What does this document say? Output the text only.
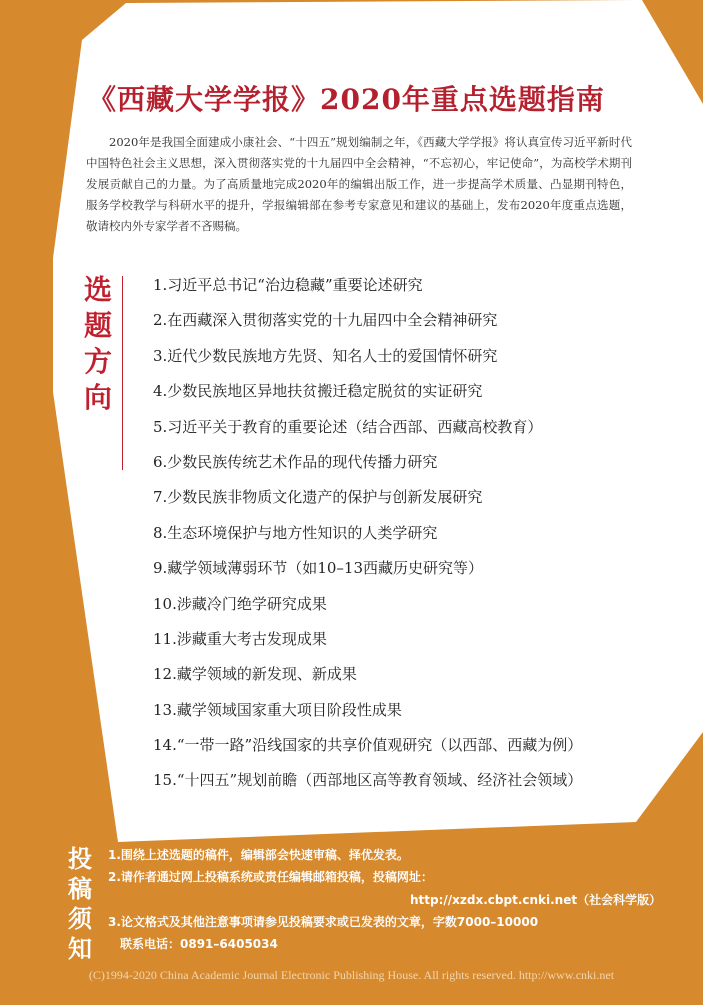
《西藏大学学报》2020年重点选题指南
2020年是我国全面建成小康社会、“十四五”规划编制之年，《西藏大学学报》将认真宣传习近平新时代中国特色社会主义思想，深入贯彻落实党的十九届四中全会精神，“不忘初心，牢记使命”，为高校学术期刊发展贡献自己的力量。为了高质量地完成2020年的编辑出版工作，进一步提高学术质量、凸显期刊特色，服务学校教学与科研水平的提升，学报编辑部在参考专家意见和建议的基础上，发布2020年度重点选题，敬请校内外专家学者不吝赐稿。
选
题
方
向
1.习近平总书记“治边稳藏”重要论述研究
2.在西藏深入贯彻落实党的十九届四中全会精神研究
3.近代少数民族地方先贤、知名人士的爱国情怀研究
4.少数民族地区异地扶贫搬迁稳定脱贫的实证研究
5.习近平关于教育的重要论述（结合西部、西藏高校教育）
6.少数民族传统艺术作品的现代传播力研究
7.少数民族非物质文化遗产的保护与创新发展研究
8.生态环境保护与地方性知识的人类学研究
9.藏学领域薄弱环节（如10–13西藏历史研究等）
10.涉藏冷门绝学研究成果
11.涉藏重大考古发现成果
12.藏学领域的新发现、新成果
13.藏学领域国家重大项目阶段性成果
14.“一带一路”沿线国家的共享价值观研究（以西部、西藏为例）
15.“十四五”规划前瞻（西部地区高等教育领域、经济社会领域）
投
稿
须
知
1.围绕上述选题的稿件，编辑部会快速审稿、择优发表。
2.请作者通过网上投稿系统或责任编辑邮箱投稿，投稿网址：
http://xzdx.cbpt.cnki.net（社会科学版）
3.论文格式及其他注意事项请参见投稿要求或已发表的文章，字数7000–10000
联系电话：0891–6405034
(C)1994-2020 China Academic Journal Electronic Publishing House. All rights reserved. http://www.cnki.net
